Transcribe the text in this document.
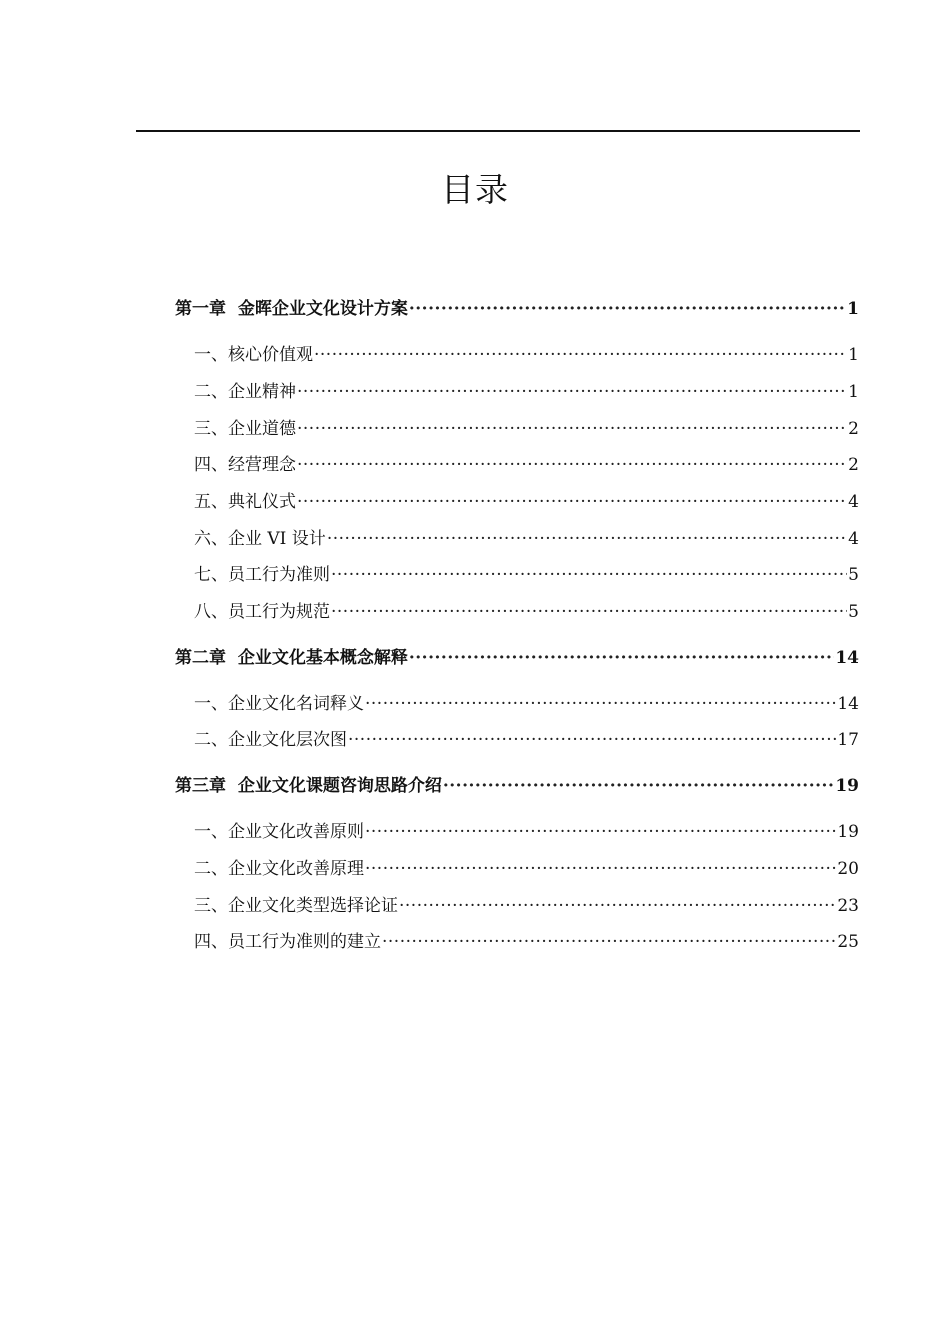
目录
第一章  金晖企业文化设计方案 ·····	1
一、核心价值观 ·····	1
二、企业精神 ·····	1
三、企业道德 ·····	2
四、经营理念 ·····	2
五、典礼仪式 ·····	4
六、企业 VI 设计 ·····	4
七、员工行为准则 ·····	5
八、员工行为规范 ·····	5
第二章  企业文化基本概念解释 ·····	14
一、企业文化名词释义 ·····	14
二、企业文化层次图 ·····	17
第三章  企业文化课题咨询思路介绍 ·····	19
一、企业文化改善原则 ·····	19
二、企业文化改善原理 ·····	20
三、企业文化类型选择论证 ·····	23
四、员工行为准则的建立 ·····	25
